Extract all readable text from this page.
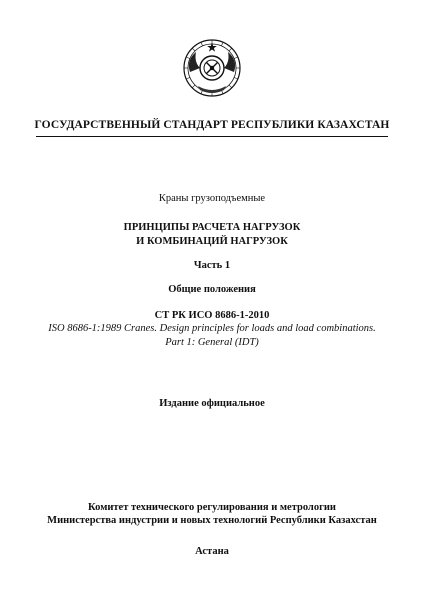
ГОСУДАРСТВЕННЫЙ СТАНДАРТ РЕСПУБЛИКИ КАЗАХСТАН
Краны грузоподъемные
ПРИНЦИПЫ РАСЧЕТА НАГРУЗОК
И КОМБИНАЦИЙ НАГРУЗОК
Часть 1
Общие положения
СТ РК ИСО 8686-1-2010
ISO 8686-1:1989 Cranes. Design principles for loads and load combinations.
Part 1: General (IDT)
Издание официальное
Комитет технического регулирования и метрологии
Министерства индустрии и новых технологий Республики Казахстан
Астана
